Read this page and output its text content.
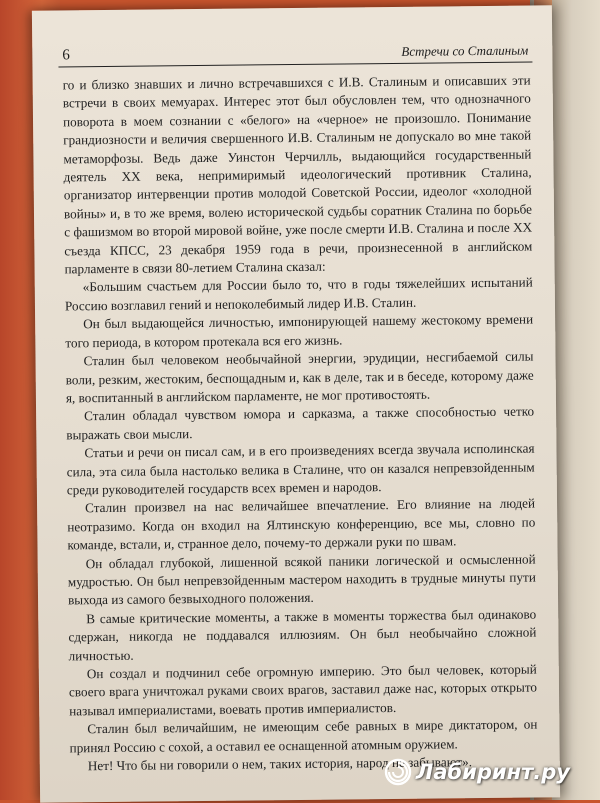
6	Встречи со Сталиным

го и близко знавших и лично встречавшихся с И.В. Сталиным и описавших эти встречи в своих мемуарах. Интерес этот был обусловлен тем, что однозначного поворота в моем сознании с «белого» на «черное» не произошло. Понимание грандиозности и величия свершенного И.В. Сталиным не допускало во мне такой метаморфозы. Ведь даже Уинстон Черчилль, выдающийся государственный деятель XX века, непримиримый идеологический противник Сталина, организатор интервенции против молодой Советской России, идеолог «холодной войны» и, в то же время, волею исторической судьбы соратник Сталина по борьбе с фашизмом во второй мировой войне, уже после смерти И.В. Сталина и после XX съезда КПСС, 23 декабря 1959 года в речи, произнесенной в английском парламенте в связи 80-летием Сталина сказал:

«Большим счастьем для России было то, что в годы тяжелейших испытаний Россию возглавил гений и непоколебимый лидер И.В. Сталин.

Он был выдающейся личностью, импонирующей нашему жестокому времени того периода, в котором протекала вся его жизнь.

Сталин был человеком необычайной энергии, эрудиции, несгибаемой силы воли, резким, жестоким, беспощадным и, как в деле, так и в беседе, которому даже я, воспитанный в английском парламенте, не мог противостоять.

Сталин обладал чувством юмора и сарказма, а также способностью четко выражать свои мысли.

Статьи и речи он писал сам, и в его произведениях всегда звучала исполинская сила, эта сила была настолько велика в Сталине, что он казался непревзойденным среди руководителей государств всех времен и народов.

Сталин произвел на нас величайшее впечатление. Его влияние на людей неотразимо. Когда он входил на Ялтинскую конференцию, все мы, словно по команде, встали, и, странное дело, почему-то держали руки по швам.

Он обладал глубокой, лишенной всякой паники логической и осмысленной мудростью. Он был непревзойденным мастером находить в трудные минуты пути выхода из самого безвыходного положения.

В самые критические моменты, а также в моменты торжества был одинаково сдержан, никогда не поддавался иллюзиям. Он был необычайно сложной личностью.

Он создал и подчинил себе огромную империю. Это был человек, который своего врага уничтожал руками своих врагов, заставил даже нас, которых открыто называл империалистами, воевать против империалистов.

Сталин был величайшим, не имеющим себе равных в мире диктатором, он принял Россию с сохой, а оставил ее оснащенной атомным оружием.

Нет! Что бы ни говорили о нем, таких история, народ не забывают».

Лабиринт.ру
